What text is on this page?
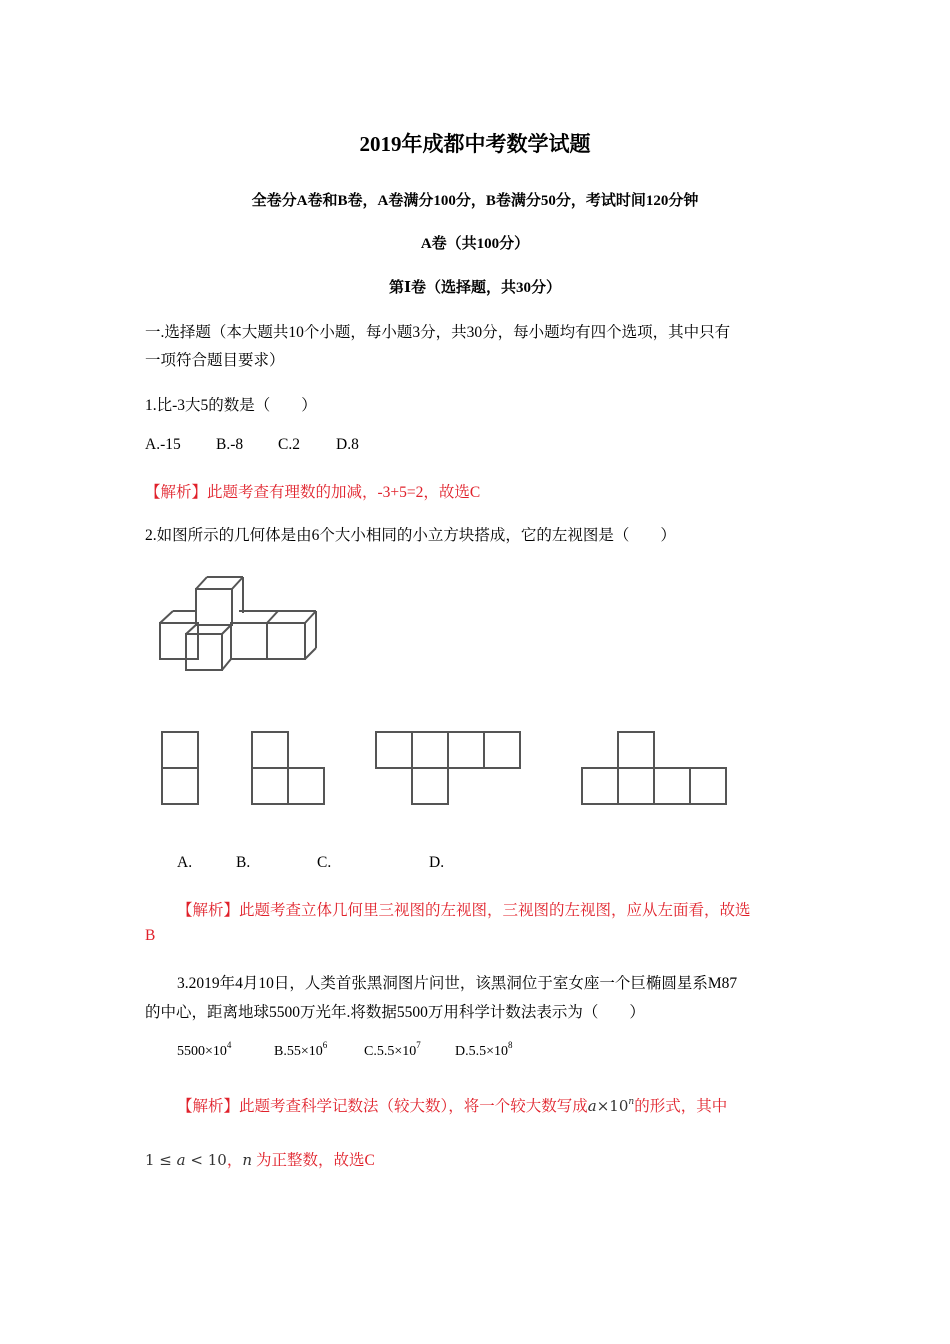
2019年成都中考数学试题
全卷分A卷和B卷，A卷满分100分，B卷满分50分，考试时间120分钟
A卷（共100分）
第Ⅰ卷（选择题，共30分）
一.选择题（本大题共10个小题，每小题3分，共30分，每小题均有四个选项，其中只有
一项符合题目要求）
1.比-3大5的数是（　　）
A.-15 B.-8 C.2 D.8
【解析】此题考查有理数的加减，-3+5=2，故选C
2.如图所示的几何体是由6个大小相同的小立方块搭成，它的左视图是（　　）
A.	B.	C.	D.
【解析】此题考查立体几何里三视图的左视图，三视图的左视图，应从左面看，故选
B
3.2019年4月10日，人类首张黑洞图片问世，该黑洞位于室女座一个巨椭圆星系M87
的中心，距离地球5500万光年.将数据5500万用科学计数法表示为（　　）
$5500\times 10^4$	$B.55\times 10^6$	$C.5.5\times 10^7$ $D.5.5\times 10^8$
【解析】此题考查科学记数法（较大数），将一个较大数写成$a\times 10^n$的形式，其中
1 ≤ a < 10，n 为正整数，故选C
